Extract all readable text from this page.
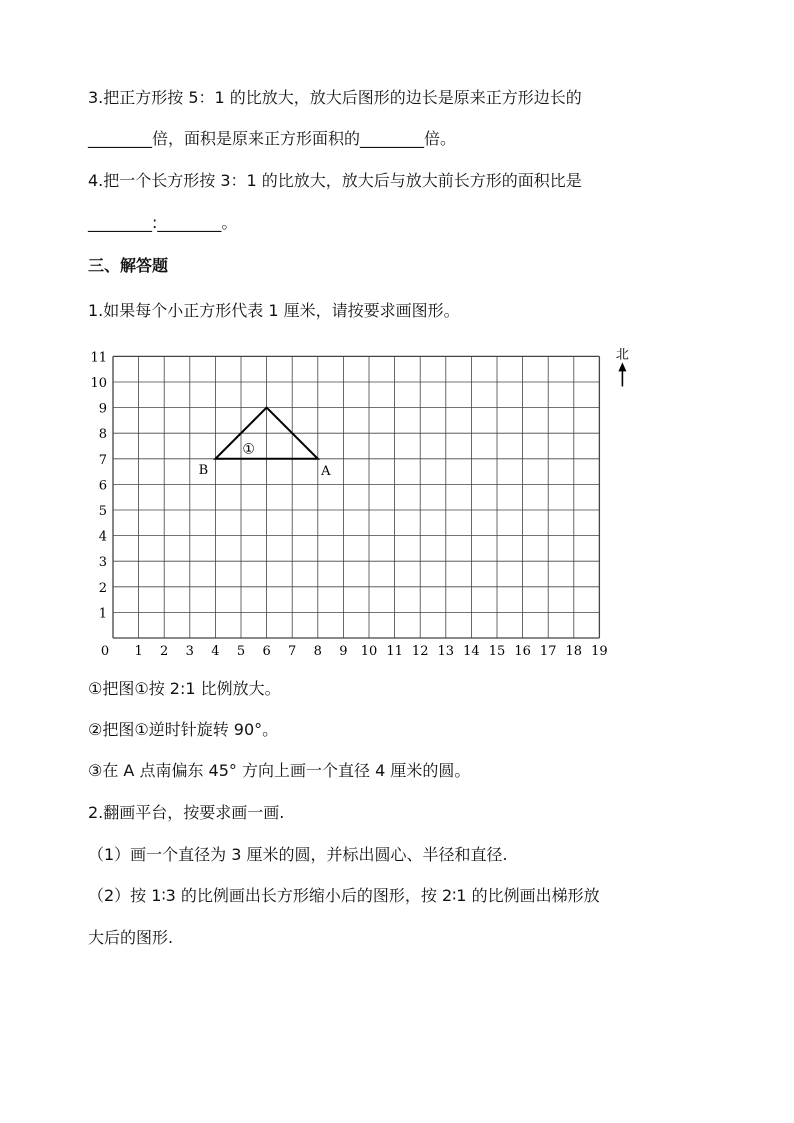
3.把正方形按 5：1 的比放大，放大后图形的边长是原来正方形边长的
________倍，面积是原来正方形面积的________倍。
4.把一个长方形按 3：1 的比放大，放大后与放大前长方形的面积比是
________:________。
三、解答题
1.如果每个小正方形代表 1 厘米，请按要求画图形。
0 1 2 3 4 5 6 7 8 9 10 11 12 13 14 15 16 17 18 19
1
2
3
4
5
6
7
8
9
10
11
①
B	A
北
①把图①按 2:1 比例放大。
②把图①逆时针旋转 90°。
③在 A 点南偏东 45° 方向上画一个直径 4 厘米的圆。
2.翻画平台，按要求画一画.
（1）画一个直径为 3 厘米的圆，并标出圆心、半径和直径.
（2）按 1∶3 的比例画出长方形缩小后的图形，按 2∶1 的比例画出梯形放
大后的图形.
